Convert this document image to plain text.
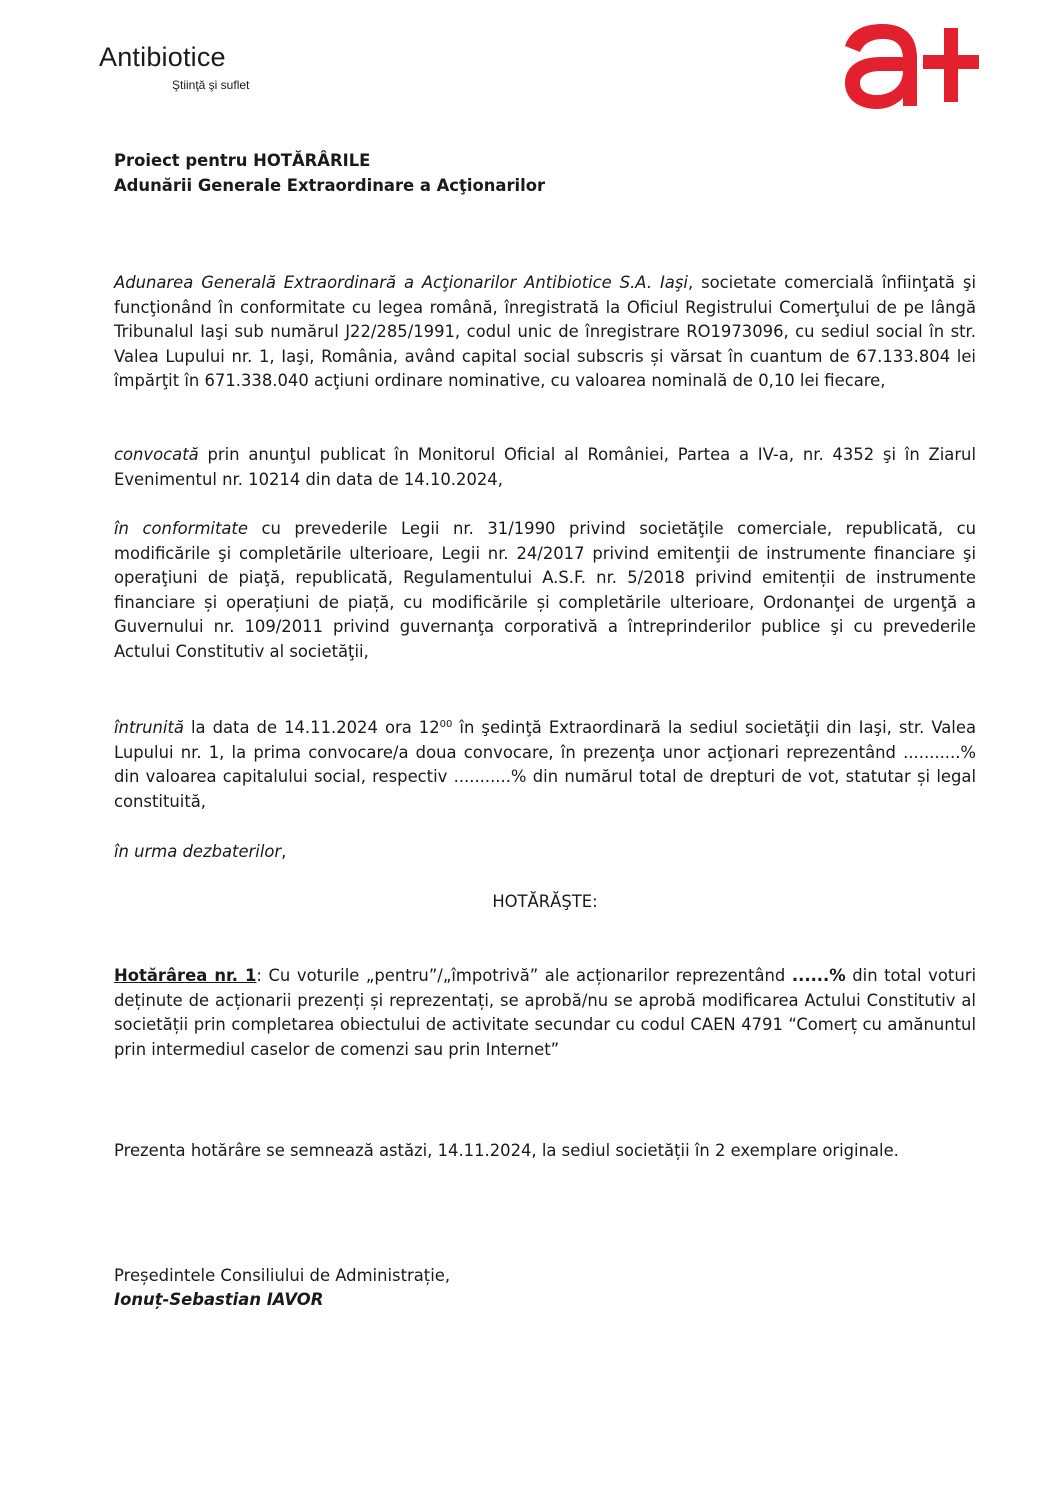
Antibiotice

Ştiinţă şi suflet

Proiect pentru HOTĂRÂRILE
Adunării Generale Extraordinare a Acţionarilor

Adunarea Generală Extraordinară a Acţionarilor Antibiotice S.A. Iaşi, societate comercială înfiinţată şi funcţionând în conformitate cu legea română, înregistrată la Oficiul Registrului Comerţului de pe lângă Tribunalul Iaşi sub numărul J22/285/1991, codul unic de înregistrare RO1973096, cu sediul social în str. Valea Lupului nr. 1, Iaşi, România, având capital social subscris și vărsat în cuantum de 67.133.804 lei împărţit în 671.338.040 acţiuni ordinare nominative, cu valoarea nominală de 0,10 lei fiecare,

convocată prin anunţul publicat în Monitorul Oficial al României, Partea a IV-a, nr. 4352 şi în Ziarul Evenimentul nr. 10214 din data de 14.10.2024,

în conformitate cu prevederile Legii nr. 31/1990 privind societăţile comerciale, republicată, cu modificările şi completările ulterioare, Legii nr. 24/2017 privind emitenţii de instrumente financiare şi operaţiuni de piaţă, republicată, Regulamentului A.S.F. nr. 5/2018 privind emitenții de instrumente financiare și operațiuni de piață, cu modificările și completările ulterioare, Ordonanţei de urgenţă a Guvernului nr. 109/2011 privind guvernanţa corporativă a întreprinderilor publice şi cu prevederile Actului Constitutiv al societăţii,

întrunită la data de 14.11.2024 ora $12^{00}$ în şedinţă Extraordinară la sediul societăţii din Iaşi, str. Valea Lupului nr. 1, la prima convocare/a doua convocare, în prezenţa unor acţionari reprezentând ...........% din valoarea capitalului social, respectiv ...........% din numărul total de drepturi de vot, statutar și legal constituită,

în urma dezbaterilor,

HOTĂRĂŞTE:

Hotărârea nr. 1: Cu voturile „pentru”/„împotrivă” ale acționarilor reprezentând ......% din total voturi deținute de acționarii prezenți și reprezentați, se aprobă/nu se aprobă modificarea Actului Constitutiv al societății prin completarea obiectului de activitate secundar cu codul CAEN 4791 “Comerț cu amănuntul prin intermediul caselor de comenzi sau prin Internet”

Prezenta hotărâre se semnează astăzi, 14.11.2024, la sediul societății în 2 exemplare originale.

Președintele Consiliului de Administrație,

Ionuț-Sebastian IAVOR
